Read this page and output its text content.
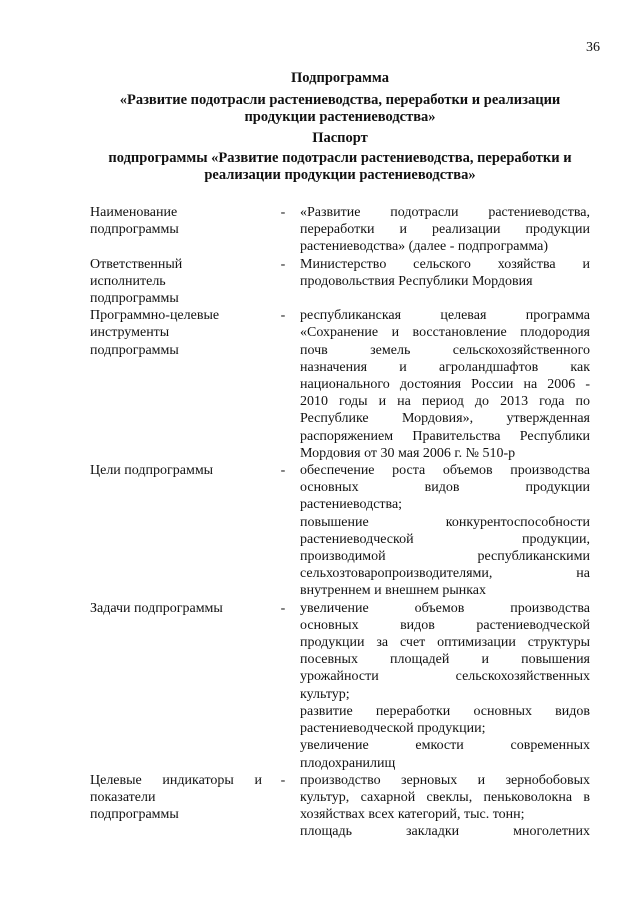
36
Подпрограмма
«Развитие подотрасли растениеводства, переработки и реализации
продукции растениеводства»
Паспорт
подпрограммы «Развитие подотрасли растениеводства, переработки и
реализации продукции растениеводства»
Наименование
подпрограммы
-	«Развитие подотрасли растениеводства,
переработки и реализации продукции
растениеводства» (далее - подпрограмма)
Ответственный
исполнитель
подпрограммы
-	Министерство сельского хозяйства и
продовольствия Республики Мордовия
Программно-целевые
инструменты
подпрограммы
-	республиканская целевая программа
«Сохранение и восстановление плодородия
почв земель сельскохозяйственного
назначения и агроландшафтов как
национального достояния России на 2006 -
2010 годы и на период до 2013 года по
Республике Мордовия», утвержденная
распоряжением Правительства Республики
Мордовия от 30 мая 2006 г. № 510-р
Цели подпрограммы	-	обеспечение роста объемов производства
основных видов продукции
растениеводства;
повышение конкурентоспособности
растениеводческой продукции,
производимой республиканскими
сельхозтоваропроизводителями, на
внутреннем и внешнем рынках
Задачи подпрограммы	-	увеличение объемов производства
основных видов растениеводческой
продукции за счет оптимизации структуры
посевных площадей и повышения
урожайности сельскохозяйственных
культур;
развитие переработки основных видов
растениеводческой продукции;
увеличение емкости современных
плодохранилищ
Целевые индикаторы и
показатели
подпрограммы
-	производство зерновых и зернобобовых
культур, сахарной свеклы, пеньковолокна в
хозяйствах всех категорий, тыс. тонн;
площадь закладки многолетних
